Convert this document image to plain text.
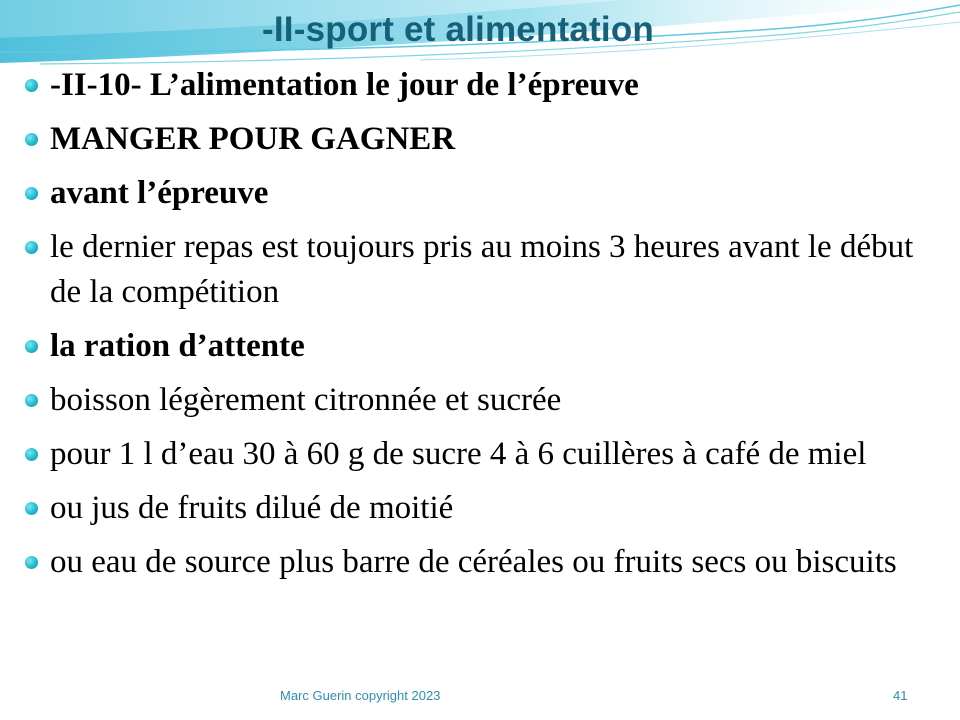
-II-sport et alimentation
-II-10- L’alimentation le jour de l’épreuve
MANGER POUR GAGNER
avant l’épreuve
le dernier repas est toujours pris au moins 3 heures avant le début de la compétition
la ration d’attente
boisson légèrement citronnée et sucrée
pour 1 l d’eau 30 à 60 g de sucre 4 à 6 cuillères à café de miel
ou jus de fruits dilué de moitié
ou eau de source plus barre de céréales ou fruits secs ou biscuits
Marc Guerin copyright 2023	41
